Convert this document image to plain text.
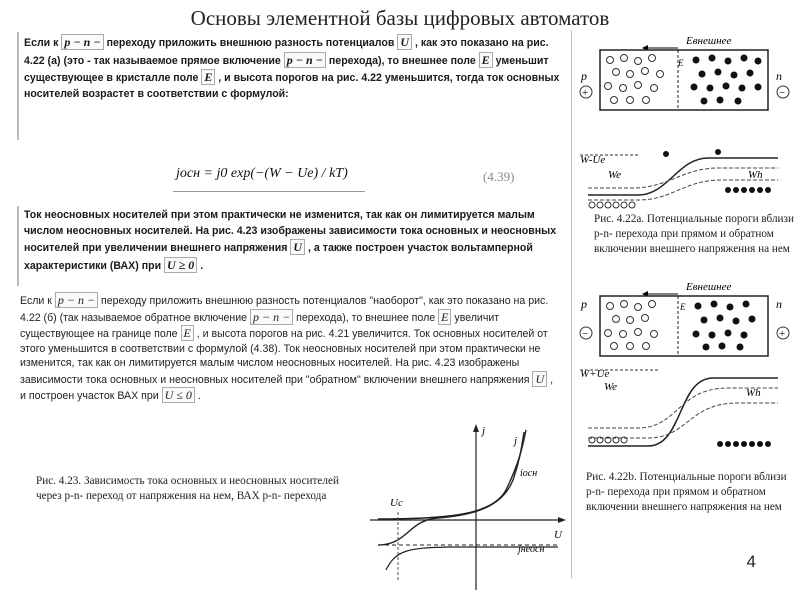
Основы элементной базы цифровых автоматов
Если к p − n − переходу приложить внешнюю разность потенциалов U , как это показано на рис. 4.22 (a) (это - так называемое прямое включение p − n − перехода), то внешнее поле E уменьшит существующее в кристалле поле E , и высота порогов на рис. 4.22 уменьшится, тогда ток основных носителей возрастет в соответствии с формулой:
jосн = j0 exp(−(W − Ue) / kT)	(4.39)
Ток неосновных носителей при этом практически не изменится, так как он лимитируется малым числом неосновных носителей. На рис. 4.23 изображены зависимости тока основных и неосновных носителей при увеличении внешнего напряжения U , а также построен участок вольтамперной характеристики (ВАХ) при U ≥ 0 .
Если к p − n − переходу приложить внешнюю разность потенциалов "наоборот", как это показано на рис. 4.22 (б) (так называемое обратное включение p − n − перехода), то внешнее поле E увеличит существующее на границе поле E , и высота порогов на рис. 4.21 увеличится. Ток основных носителей от этого уменьшится в соответствии с формулой (4.38). Ток неосновных носителей при этом практически не изменится, так как он лимитируется малым числом неосновных носителей. На рис. 4.23 изображены зависимости тока основных и неосновных носителей при "обратном" включении внешнего напряжения U , и построен участок ВАХ при U ≤ 0 .
Eвнешнее
E
p	n
+	−
W-Ue
We	Wh
Рис. 4.22a. Потенциальные пороги вблизи p-n- перехода при прямом и обратном включении внешнего напряжения на нем
Eвнешнее
E
p	n
−	+
W+Ue
We	Wh
Рис. 4.22b. Потенциальные пороги вблизи p-n- перехода при прямом и обратном включении внешнего напряжения на нем
j
j
iосн
Uc
U
jнеосн
Рис. 4.23. Зависимость тока основных и неосновных носителей через p-n- переход от напряжения на нем, ВАХ p-n- перехода
4
